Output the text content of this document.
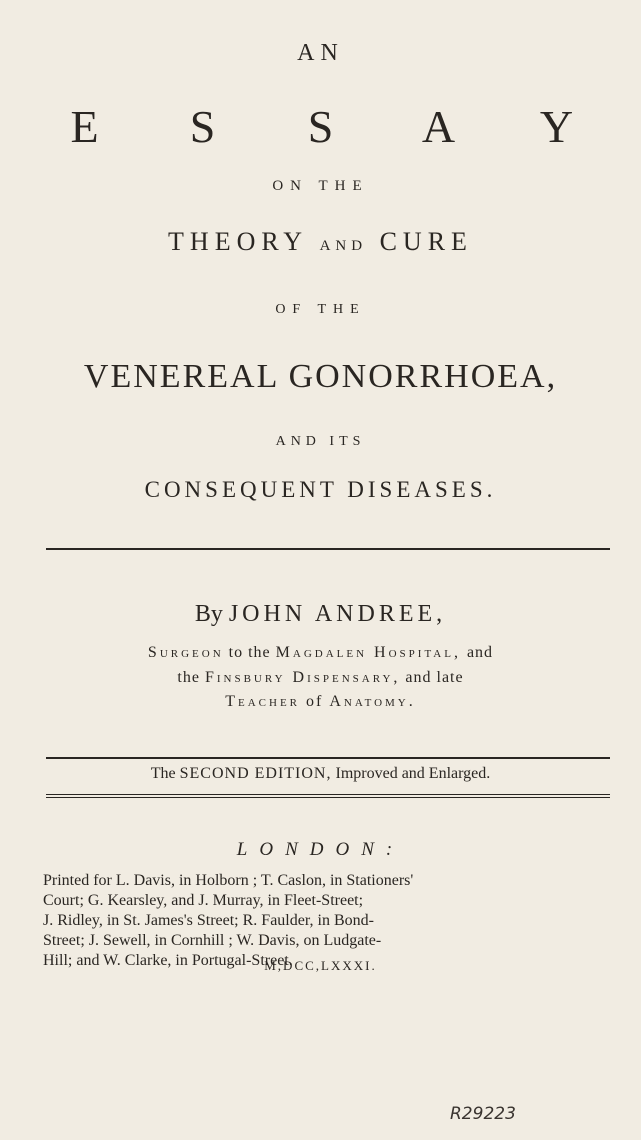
AN
E S S A Y
ON THE
THEORY AND CURE
OF THE
VENEREAL GONORRHOEA,
AND ITS
CONSEQUENT DISEASES.
By JOHN ANDREE,
Surgeon to the Magdalen Hospital, and
the Finsbury Dispensary, and late
Teacher of Anatomy.
The SECOND EDITION, Improved and Enlarged.
LONDON:
Printed for L. Davis, in Holborn ; T. Caslon, in Stationers'
Court; G. Kearsley, and J. Murray, in Fleet-Street;
J. Ridley, in St. James's Street; R. Faulder, in Bond-
Street; J. Sewell, in Cornhill ; W. Davis, on Ludgate-
Hill; and W. Clarke, in Portugal-Street.
M,DCC,LXXXI.
R29223
